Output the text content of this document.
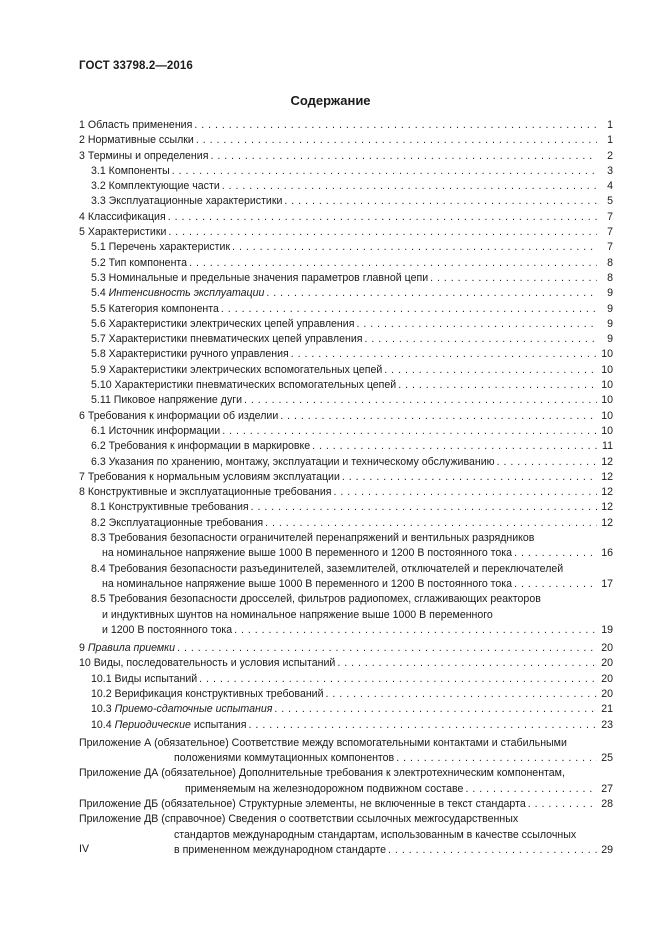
ГОСТ 33798.2—2016
Содержание
1 Область применения . . .	1
2 Нормативные ссылки . . .	1
3 Термины и определения . . .	2
3.1 Компоненты . . .	3
3.2 Комплектующие части . . .	4
3.3 Эксплуатационные характеристики . . .	5
4 Классификация . . .	7
5 Характеристики . . .	7
5.1 Перечень характеристик . . .	7
5.2 Тип компонента . . .	8
5.3 Номинальные и предельные значения параметров главной цепи . . .	8
5.4 Интенсивность эксплуатации . . .	9
5.5 Категория компонента . . .	9
5.6 Характеристики электрических цепей управления . . .	9
5.7 Характеристики пневматических цепей управления . . .	9
5.8 Характеристики ручного управления . . .	10
5.9 Характеристики электрических вспомогательных цепей . . .	10
5.10 Характеристики пневматических вспомогательных цепей . . .	10
5.11 Пиковое напряжение дуги . . .	10
6 Требования к информации об изделии . . .	10
6.1 Источник информации . . .	10
6.2 Требования к информации в маркировке . . .	11
6.3 Указания по хранению, монтажу, эксплуатации и техническому обслуживанию . . .	12
7 Требования к нормальным условиям эксплуатации . . .	12
8 Конструктивные и эксплуатационные требования . . .	12
8.1 Конструктивные требования . . .	12
8.2 Эксплуатационные требования . . .	12
8.3 Требования безопасности ограничителей перенапряжений и вентильных разрядников
на номинальное напряжение выше 1000 В переменного и 1200 В постоянного тока . . .	16
8.4 Требования безопасности разъединителей, заземлителей, отключателей и переключателей
на номинальное напряжение выше 1000 В переменного и 1200 В постоянного тока . . .	17
8.5 Требования безопасности дросселей, фильтров радиопомех, сглаживающих реакторов
и индуктивных шунтов на номинальное напряжение выше 1000 В переменного
и 1200 В постоянного тока . . .	19
9 Правила приемки . . .	20
10 Виды, последовательность и условия испытаний . . .	20
10.1 Виды испытаний . . .	20
10.2 Верификация конструктивных требований . . .	20
10.3 Приемо-сдаточные испытания . . .	21
10.4 Периодические испытания . . .	23
Приложение А (обязательное) Соответствие между вспомогательными контактами и стабильными
положениями коммутационных компонентов . . .	25
Приложение ДА (обязательное) Дополнительные требования к электротехническим компонентам,
применяемым на железнодорожном подвижном составе . . .	27
Приложение ДБ (обязательное) Структурные элементы, не включенные в текст стандарта . . .	28
Приложение ДВ (справочное) Сведения о соответствии ссылочных межгосударственных
стандартов международным стандартам, использованным в качестве ссылочных
в примененном международном стандарте . . .	29
IV
